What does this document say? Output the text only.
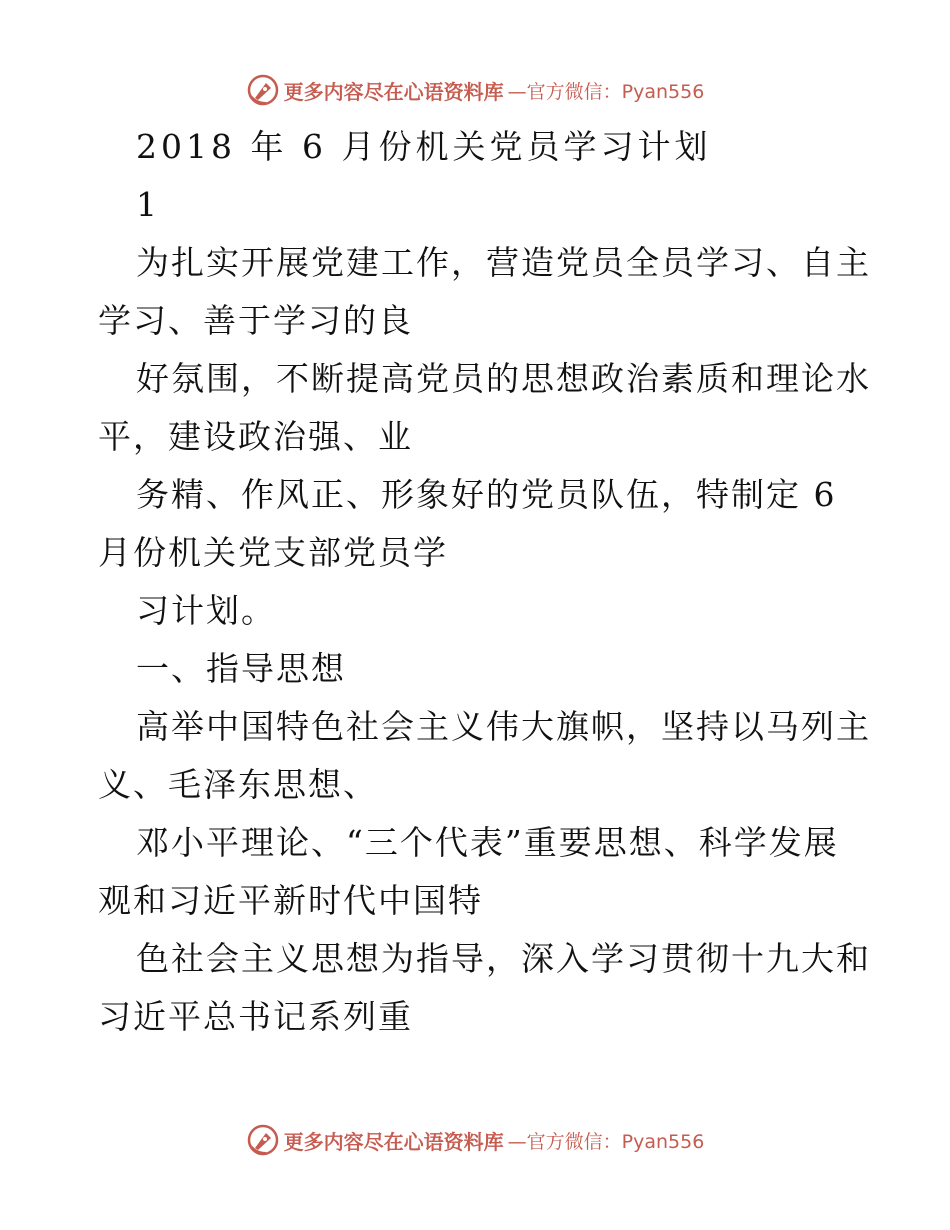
更多内容尽在心语资料库 —官方微信：Pyan556
2018 年 6 月份机关党员学习计划
1
为扎实开展党建工作，营造党员全员学习、自主
学习、善于学习的良
好氛围，不断提高党员的思想政治素质和理论水
平，建设政治强、业
务精、作风正、形象好的党员队伍，特制定 6
月份机关党支部党员学
习计划。
一、指导思想
高举中国特色社会主义伟大旗帜，坚持以马列主
义、毛泽东思想、
邓小平理论、“三个代表”重要思想、科学发展
观和习近平新时代中国特
色社会主义思想为指导，深入学习贯彻十九大和
习近平总书记系列重
更多内容尽在心语资料库 —官方微信：Pyan556
